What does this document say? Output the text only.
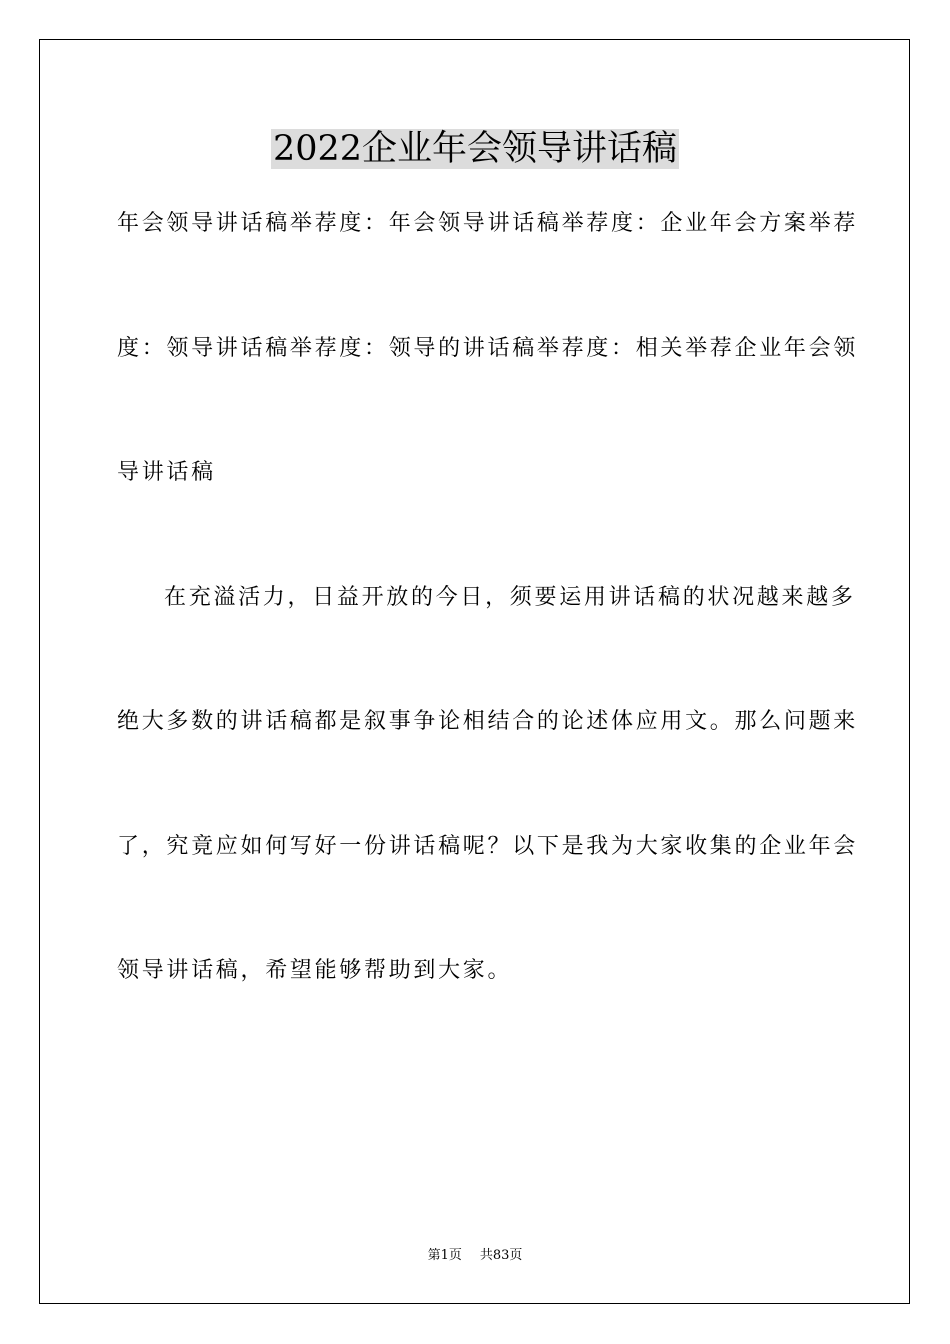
2022企业年会领导讲话稿
年会领导讲话稿举荐度：年会领导讲话稿举荐度：企业年会方案举荐
度：领导讲话稿举荐度：领导的讲话稿举荐度：相关举荐企业年会领
导讲话稿
在充溢活力，日益开放的今日，须要运用讲话稿的状况越来越多
绝大多数的讲话稿都是叙事争论相结合的论述体应用文。那么问题来
了，究竟应如何写好一份讲话稿呢？以下是我为大家收集的企业年会
领导讲话稿，希望能够帮助到大家。
第1页 共83页
